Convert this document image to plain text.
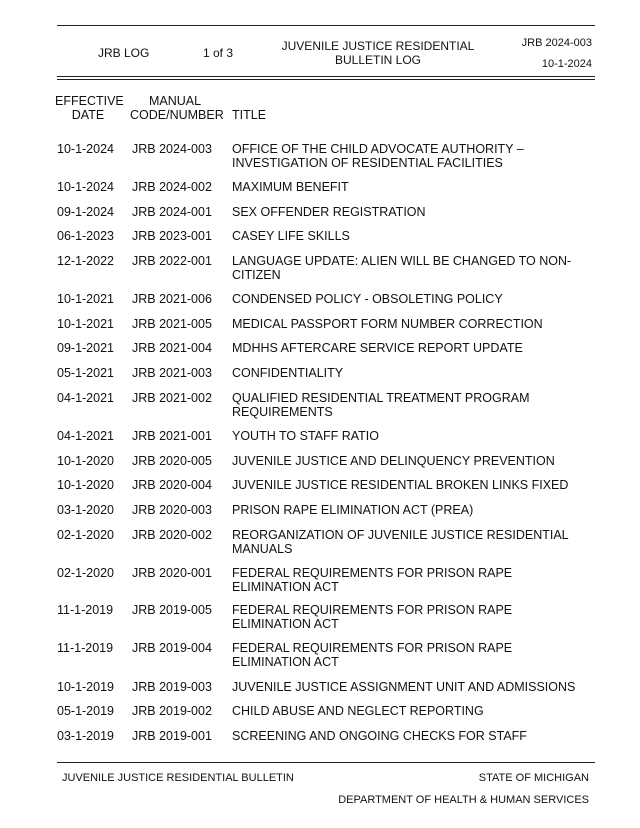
JRB LOG	1 of 3	JUVENILE JUSTICE RESIDENTIAL
BULLETIN LOG
JRB 2024-003
10-1-2024
EFFECTIVE
DATE
MANUAL
CODE/NUMBER TITLE
10-1-2024 JRB 2024-003 OFFICE OF THE CHILD ADVOCATE AUTHORITY – INVESTIGATION OF RESIDENTIAL FACILITIES
10-1-2024 JRB 2024-002 MAXIMUM BENEFIT
09-1-2024 JRB 2024-001 SEX OFFENDER REGISTRATION
06-1-2023 JRB 2023-001 CASEY LIFE SKILLS
12-1-2022 JRB 2022-001 LANGUAGE UPDATE: ALIEN WILL BE CHANGED TO NON-CITIZEN
10-1-2021 JRB 2021-006 CONDENSED POLICY - OBSOLETING POLICY
10-1-2021 JRB 2021-005 MEDICAL PASSPORT FORM NUMBER CORRECTION
09-1-2021 JRB 2021-004 MDHHS AFTERCARE SERVICE REPORT UPDATE
05-1-2021 JRB 2021-003 CONFIDENTIALITY
04-1-2021 JRB 2021-002 QUALIFIED RESIDENTIAL TREATMENT PROGRAM REQUIREMENTS
04-1-2021 JRB 2021-001 YOUTH TO STAFF RATIO
10-1-2020 JRB 2020-005 JUVENILE JUSTICE AND DELINQUENCY PREVENTION
10-1-2020 JRB 2020-004 JUVENILE JUSTICE RESIDENTIAL BROKEN LINKS FIXED
03-1-2020 JRB 2020-003 PRISON RAPE ELIMINATION ACT (PREA)
02-1-2020 JRB 2020-002 REORGANIZATION OF JUVENILE JUSTICE RESIDENTIAL MANUALS
02-1-2020 JRB 2020-001 FEDERAL REQUIREMENTS FOR PRISON RAPE ELIMINATION ACT
11-1-2019 JRB 2019-005 FEDERAL REQUIREMENTS FOR PRISON RAPE ELIMINATION ACT
11-1-2019 JRB 2019-004 FEDERAL REQUIREMENTS FOR PRISON RAPE ELIMINATION ACT
10-1-2019 JRB 2019-003 JUVENILE JUSTICE ASSIGNMENT UNIT AND ADMISSIONS
05-1-2019 JRB 2019-002 CHILD ABUSE AND NEGLECT REPORTING
03-1-2019 JRB 2019-001 SCREENING AND ONGOING CHECKS FOR STAFF
JUVENILE JUSTICE RESIDENTIAL BULLETIN	STATE OF MICHIGAN
DEPARTMENT OF HEALTH & HUMAN SERVICES
